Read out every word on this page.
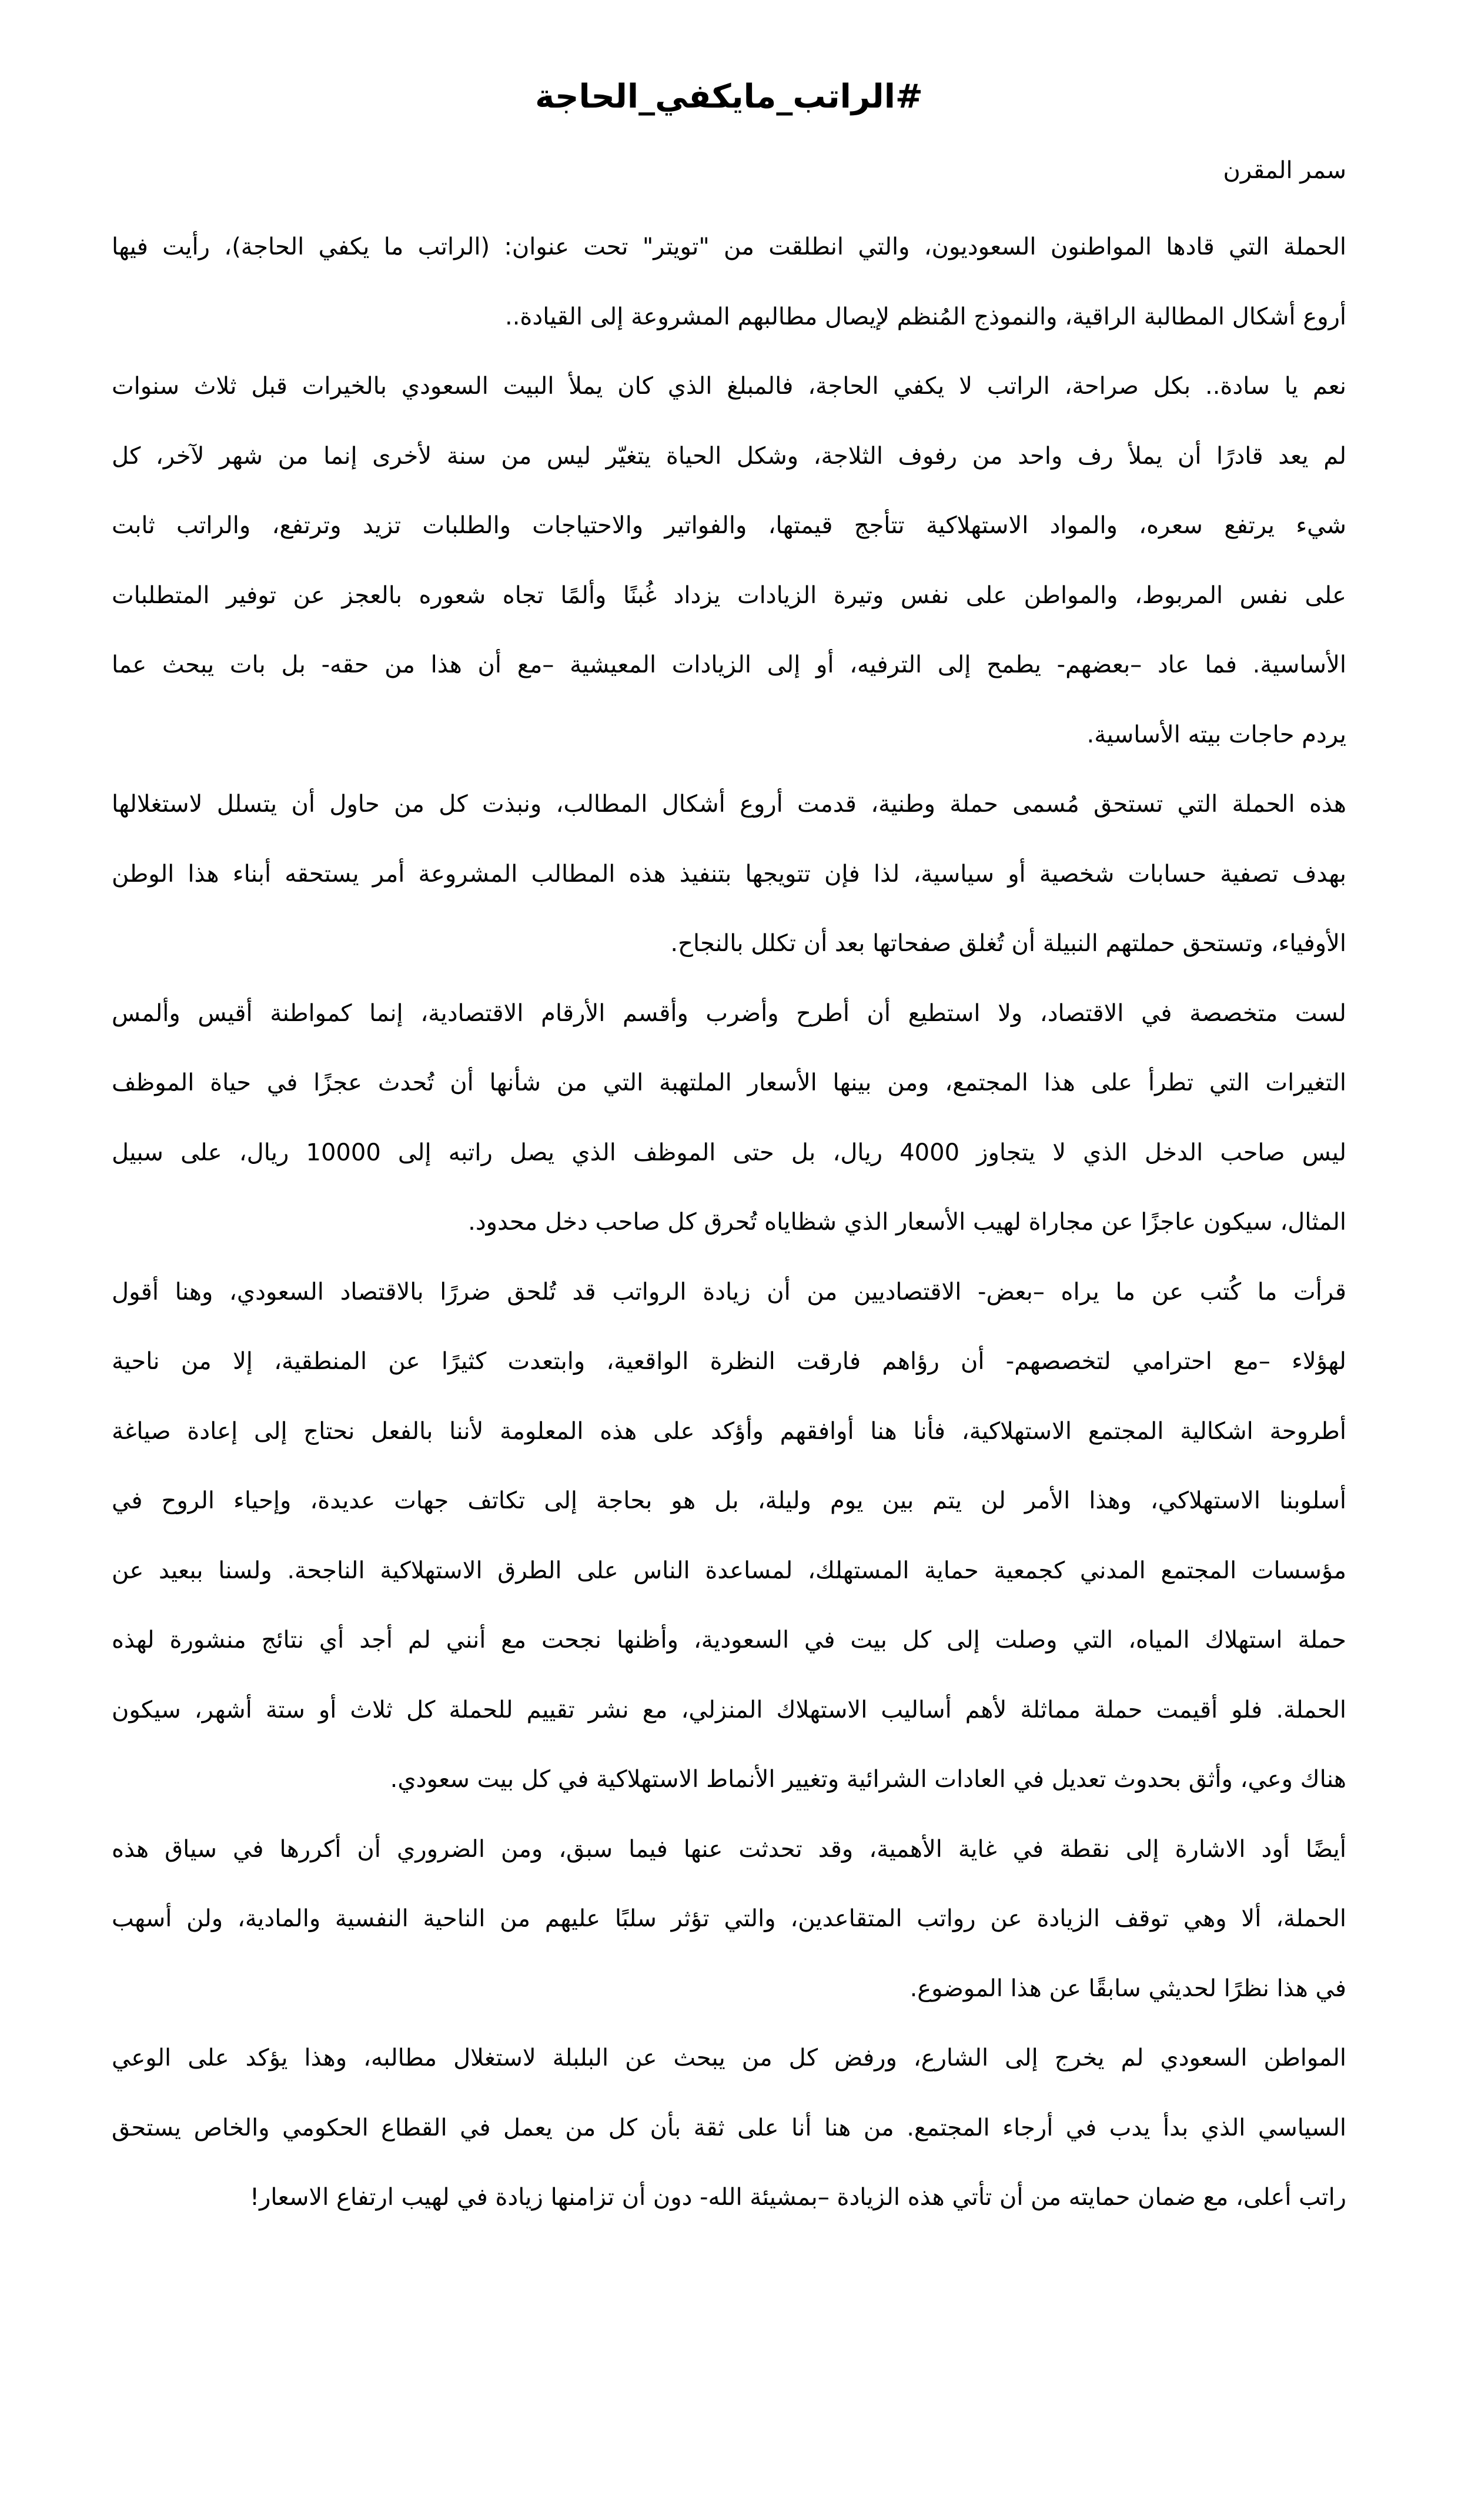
#الراتب_مايكفي_الحاجة
سمر المقرن
الحملة التي قادها المواطنون السعوديون، والتي انطلقت من "تويتر" تحت عنوان: (الراتب ما يكفي الحاجة)، رأيت فيها
أروع أشكال المطالبة الراقية، والنموذج المُنظم لإيصال مطالبهم المشروعة إلى القيادة..
نعم يا سادة.. بكل صراحة، الراتب لا يكفي الحاجة، فالمبلغ الذي كان يملأ البيت السعودي بالخيرات قبل ثلاث سنوات
لم يعد قادرًا أن يملأ رف واحد من رفوف الثلاجة، وشكل الحياة يتغيّر ليس من سنة لأخرى إنما من شهر لآخر، كل
شيء يرتفع سعره، والمواد الاستهلاكية تتأجج قيمتها، والفواتير والاحتياجات والطلبات تزيد وترتفع، والراتب ثابت
على نفس المربوط، والمواطن على نفس وتيرة الزيادات يزداد غُبنًا وألمًا تجاه شعوره بالعجز عن توفير المتطلبات
الأساسية. فما عاد –بعضهم- يطمح إلى الترفيه، أو إلى الزيادات المعيشية –مع أن هذا من حقه- بل بات يبحث عما
يردم حاجات بيته الأساسية.
هذه الحملة التي تستحق مُسمى حملة وطنية، قدمت أروع أشكال المطالب، ونبذت كل من حاول أن يتسلل لاستغلالها
بهدف تصفية حسابات شخصية أو سياسية، لذا فإن تتويجها بتنفيذ هذه المطالب المشروعة أمر يستحقه أبناء هذا الوطن
الأوفياء، وتستحق حملتهم النبيلة أن تُغلق صفحاتها بعد أن تكلل بالنجاح.
لست متخصصة في الاقتصاد، ولا استطيع أن أطرح وأضرب وأقسم الأرقام الاقتصادية، إنما كمواطنة أقيس وألمس
التغيرات التي تطرأ على هذا المجتمع، ومن بينها الأسعار الملتهبة التي من شأنها أن تُحدث عجزًا في حياة الموظف
ليس صاحب الدخل الذي لا يتجاوز 4000 ريال، بل حتى الموظف الذي يصل راتبه إلى 10000 ريال، على سبيل
المثال، سيكون عاجزًا عن مجاراة لهيب الأسعار الذي شظاياه تُحرق كل صاحب دخل محدود.
قرأت ما كُتب عن ما يراه –بعض- الاقتصاديين من أن زيادة الرواتب قد تُلحق ضررًا بالاقتصاد السعودي، وهنا أقول
لهؤلاء –مع احترامي لتخصصهم- أن رؤاهم فارقت النظرة الواقعية، وابتعدت كثيرًا عن المنطقية، إلا من ناحية
أطروحة اشكالية المجتمع الاستهلاكية، فأنا هنا أوافقهم وأؤكد على هذه المعلومة لأننا بالفعل نحتاج إلى إعادة صياغة
أسلوبنا الاستهلاكي، وهذا الأمر لن يتم بين يوم وليلة، بل هو بحاجة إلى تكاتف جهات عديدة، وإحياء الروح في
مؤسسات المجتمع المدني كجمعية حماية المستهلك، لمساعدة الناس على الطرق الاستهلاكية الناجحة. ولسنا ببعيد عن
حملة استهلاك المياه، التي وصلت إلى كل بيت في السعودية، وأظنها نجحت مع أنني لم أجد أي نتائج منشورة لهذه
الحملة. فلو أقيمت حملة مماثلة لأهم أساليب الاستهلاك المنزلي، مع نشر تقييم للحملة كل ثلاث أو ستة أشهر، سيكون
هناك وعي، وأثق بحدوث تعديل في العادات الشرائية وتغيير الأنماط الاستهلاكية في كل بيت سعودي.
أيضًا أود الاشارة إلى نقطة في غاية الأهمية، وقد تحدثت عنها فيما سبق، ومن الضروري أن أكررها في سياق هذه
الحملة، ألا وهي توقف الزيادة عن رواتب المتقاعدين، والتي تؤثر سلبًا عليهم من الناحية النفسية والمادية، ولن أسهب
في هذا نظرًا لحديثي سابقًا عن هذا الموضوع.
المواطن السعودي لم يخرج إلى الشارع، ورفض كل من يبحث عن البلبلة لاستغلال مطالبه، وهذا يؤكد على الوعي
السياسي الذي بدأ يدب في أرجاء المجتمع. من هنا أنا على ثقة بأن كل من يعمل في القطاع الحكومي والخاص يستحق
راتب أعلى، مع ضمان حمايته من أن تأتي هذه الزيادة –بمشيئة الله- دون أن تزامنها زيادة في لهيب ارتفاع الاسعار!
